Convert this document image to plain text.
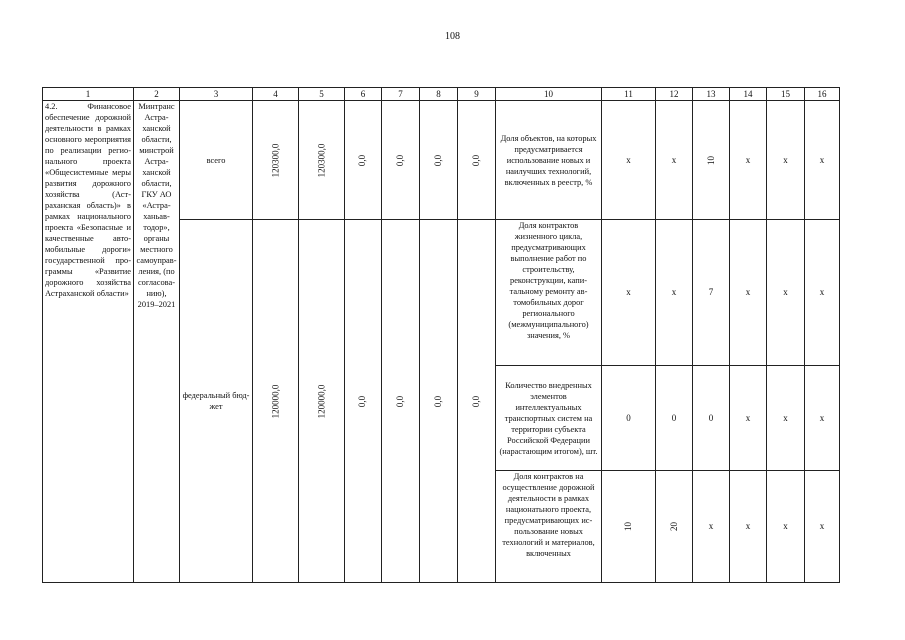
108
1	2	3	4	5	6	7	8	9	10	11	12	13	14	15	16
4.2. Финансовое обеспечение дорожной деятельности в рамках основного мероприятия по реализации регионального проекта «Общесистемные меры развития дорожного хозяйства (Астраханская область)» в рамках национального проекта «Безопасные и качественные автомобильные дороги» государственной программы «Развитие дорожного хозяйства Астраханской области»	Минтранс Астраханской области, минстрой Астраханской области, ГКУ АО «Астраханьавтодор», органы местного самоуправления, (по согласованию), 2019–2021	всего	120300,0	120300,0	0,0	0,0	0,0	0,0	Доля объектов, на которых предусматривается использование новых и наилучших технологий, включенных в реестр, %	x	x	10	x	x	x
		федеральный бюджет	120000,0	120000,0	0,0	0,0	0,0	0,0	Доля контрактов жизненного цикла, предусматривающих выполнение работ по строительству, реконструкции, капитальному ремонту автомобильных дорог регионального (межмуниципального) значения, %	x	x	7	x	x	x
									Количество внедренных элементов интеллектуальных транспортных систем на территории субъекта Российской Федерации (нарастающим итогом), шт.	0	0	0	x	x	x
									Доля контрактов на осуществление дорожной деятельности в рамках национатьного проекта, предусматривающих использование новых технологий и материалов, включенных	10	20	x	x	x	x
